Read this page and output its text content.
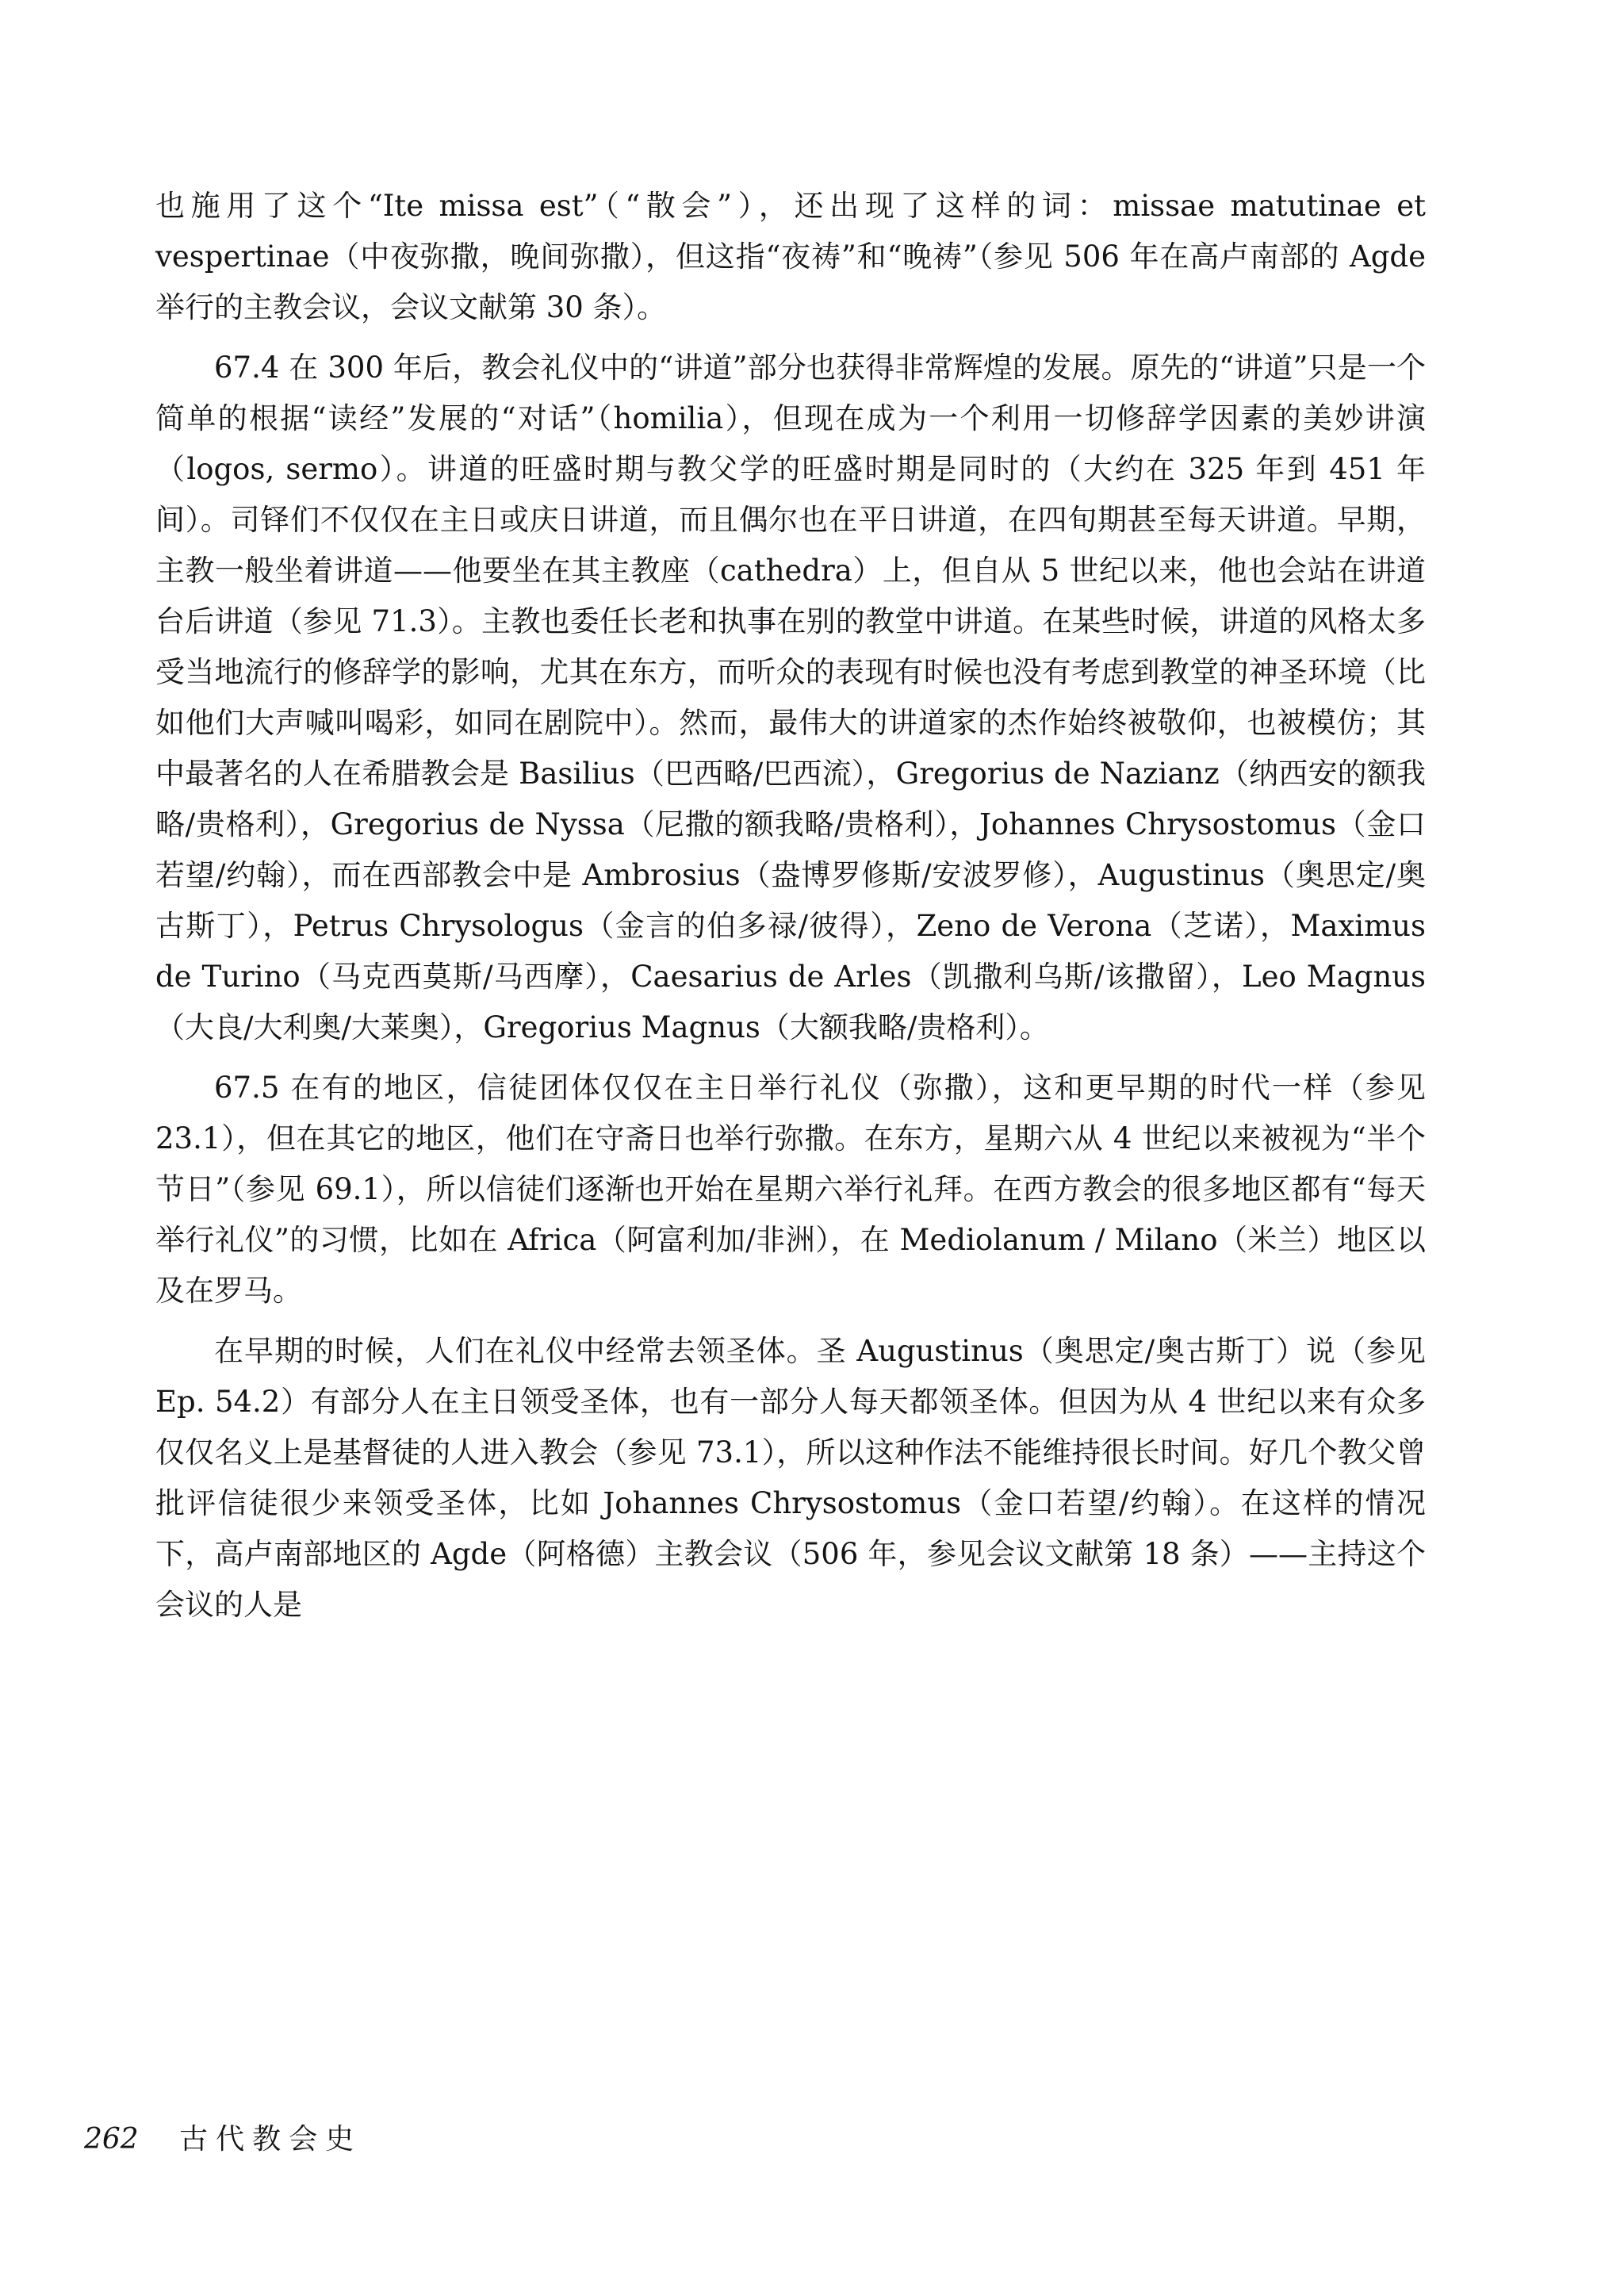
也施用了这个“Ite missa est”（“散会”），还出现了这样的词：missae matutinae et vespertinae（中夜弥撒，晚间弥撒），但这指“夜祷”和“晚祷”（参见 506 年在高卢南部的 Agde 举行的主教会议，会议文献第 30 条）。

67.4 在 300 年后，教会礼仪中的“讲道”部分也获得非常辉煌的发展。原先的“讲道”只是一个简单的根据“读经”发展的“对话”（homilia），但现在成为一个利用一切修辞学因素的美妙讲演（logos, sermo）。讲道的旺盛时期与教父学的旺盛时期是同时的（大约在 325 年到 451 年间）。司铎们不仅仅在主日或庆日讲道，而且偶尔也在平日讲道，在四旬期甚至每天讲道。早期，主教一般坐着讲道——他要坐在其主教座（cathedra）上，但自从 5 世纪以来，他也会站在讲道台后讲道（参见 71.3）。主教也委任长老和执事在别的教堂中讲道。在某些时候，讲道的风格太多受当地流行的修辞学的影响，尤其在东方，而听众的表现有时候也没有考虑到教堂的神圣环境（比如他们大声喊叫喝彩，如同在剧院中）。然而，最伟大的讲道家的杰作始终被敬仰，也被模仿；其中最著名的人在希腊教会是 Basilius（巴西略/巴西流），Gregorius de Nazianz（纳西安的额我略/贵格利），Gregorius de Nyssa（尼撒的额我略/贵格利），Johannes Chrysostomus（金口若望/约翰），而在西部教会中是 Ambrosius（盎博罗修斯/安波罗修），Augustinus（奥思定/奥古斯丁），Petrus Chrysologus（金言的伯多禄/彼得），Zeno de Verona（芝诺），Maximus de Turino（马克西莫斯/马西摩），Caesarius de Arles（凯撒利乌斯/该撒留），Leo Magnus（大良/大利奥/大莱奥），Gregorius Magnus（大额我略/贵格利）。

67.5 在有的地区，信徒团体仅仅在主日举行礼仪（弥撒），这和更早期的时代一样（参见 23.1），但在其它的地区，他们在守斋日也举行弥撒。在东方，星期六从 4 世纪以来被视为“半个节日”（参见 69.1），所以信徒们逐渐也开始在星期六举行礼拜。在西方教会的很多地区都有“每天举行礼仪”的习惯，比如在 Africa（阿富利加/非洲），在 Mediolanum / Milano（米兰）地区以及在罗马。

在早期的时候，人们在礼仪中经常去领圣体。圣 Augustinus（奥思定/奥古斯丁）说（参见 Ep. 54.2）有部分人在主日领受圣体，也有一部分人每天都领圣体。但因为从 4 世纪以来有众多仅仅名义上是基督徒的人进入教会（参见 73.1），所以这种作法不能维持很长时间。好几个教父曾批评信徒很少来领受圣体，比如 Johannes Chrysostomus（金口若望/约翰）。在这样的情况下，高卢南部地区的 Agde（阿格德）主教会议（506 年，参见会议文献第 18 条）——主持这个会议的人是

262 古代教会史
